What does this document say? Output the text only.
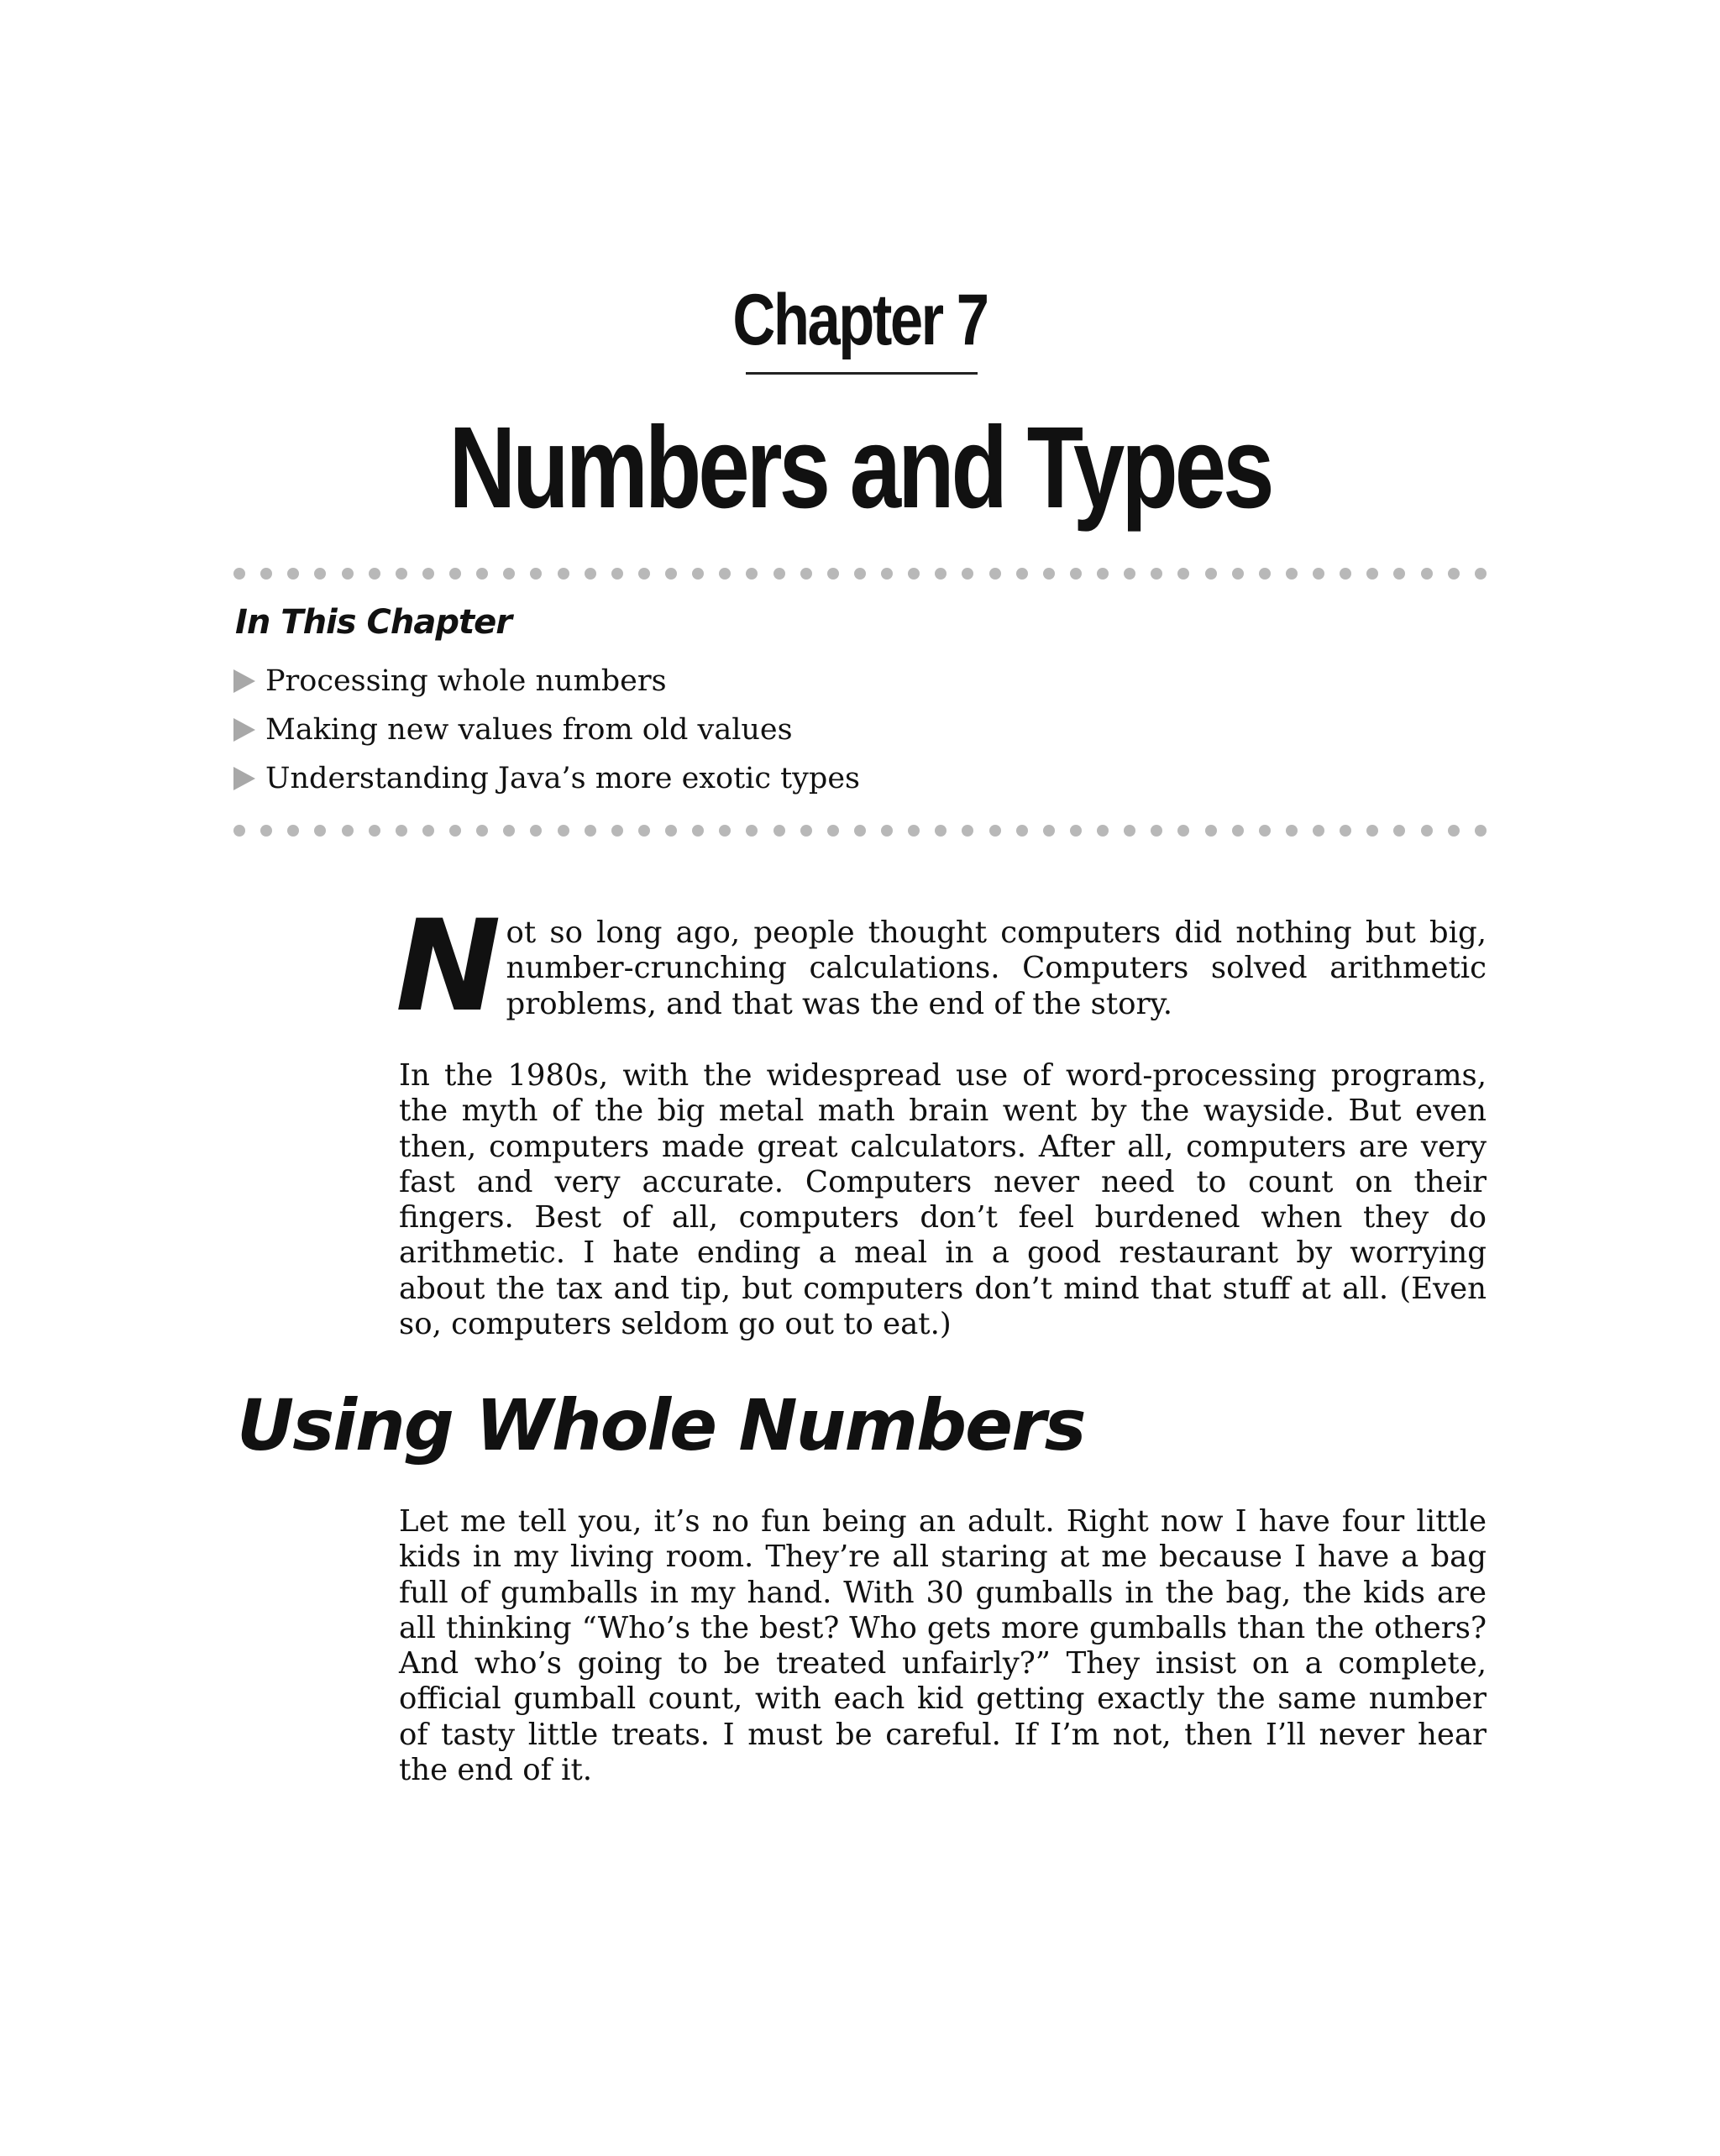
Chapter 7
Numbers and Types
In This Chapter
Processing whole numbers
Making new values from old values
Understanding Java’s more exotic types

Not so long ago, people thought computers did nothing but big, number-crunching calculations. Computers solved arithmetic problems, and that was the end of the story.

In the 1980s, with the widespread use of word-processing programs, the myth of the big metal math brain went by the wayside. But even then, computers made great calculators. After all, computers are very fast and very accurate. Computers never need to count on their fingers. Best of all, computers don’t feel burdened when they do arithmetic. I hate ending a meal in a good restaurant by worrying about the tax and tip, but computers don’t mind that stuff at all. (Even so, computers seldom go out to eat.)

Using Whole Numbers

Let me tell you, it’s no fun being an adult. Right now I have four little kids in my living room. They’re all staring at me because I have a bag full of gumballs in my hand. With 30 gumballs in the bag, the kids are all thinking “Who’s the best? Who gets more gumballs than the others? And who’s going to be treated unfairly?” They insist on a complete, official gumball count, with each kid getting exactly the same number of tasty little treats. I must be careful. If I’m not, then I’ll never hear the end of it.
